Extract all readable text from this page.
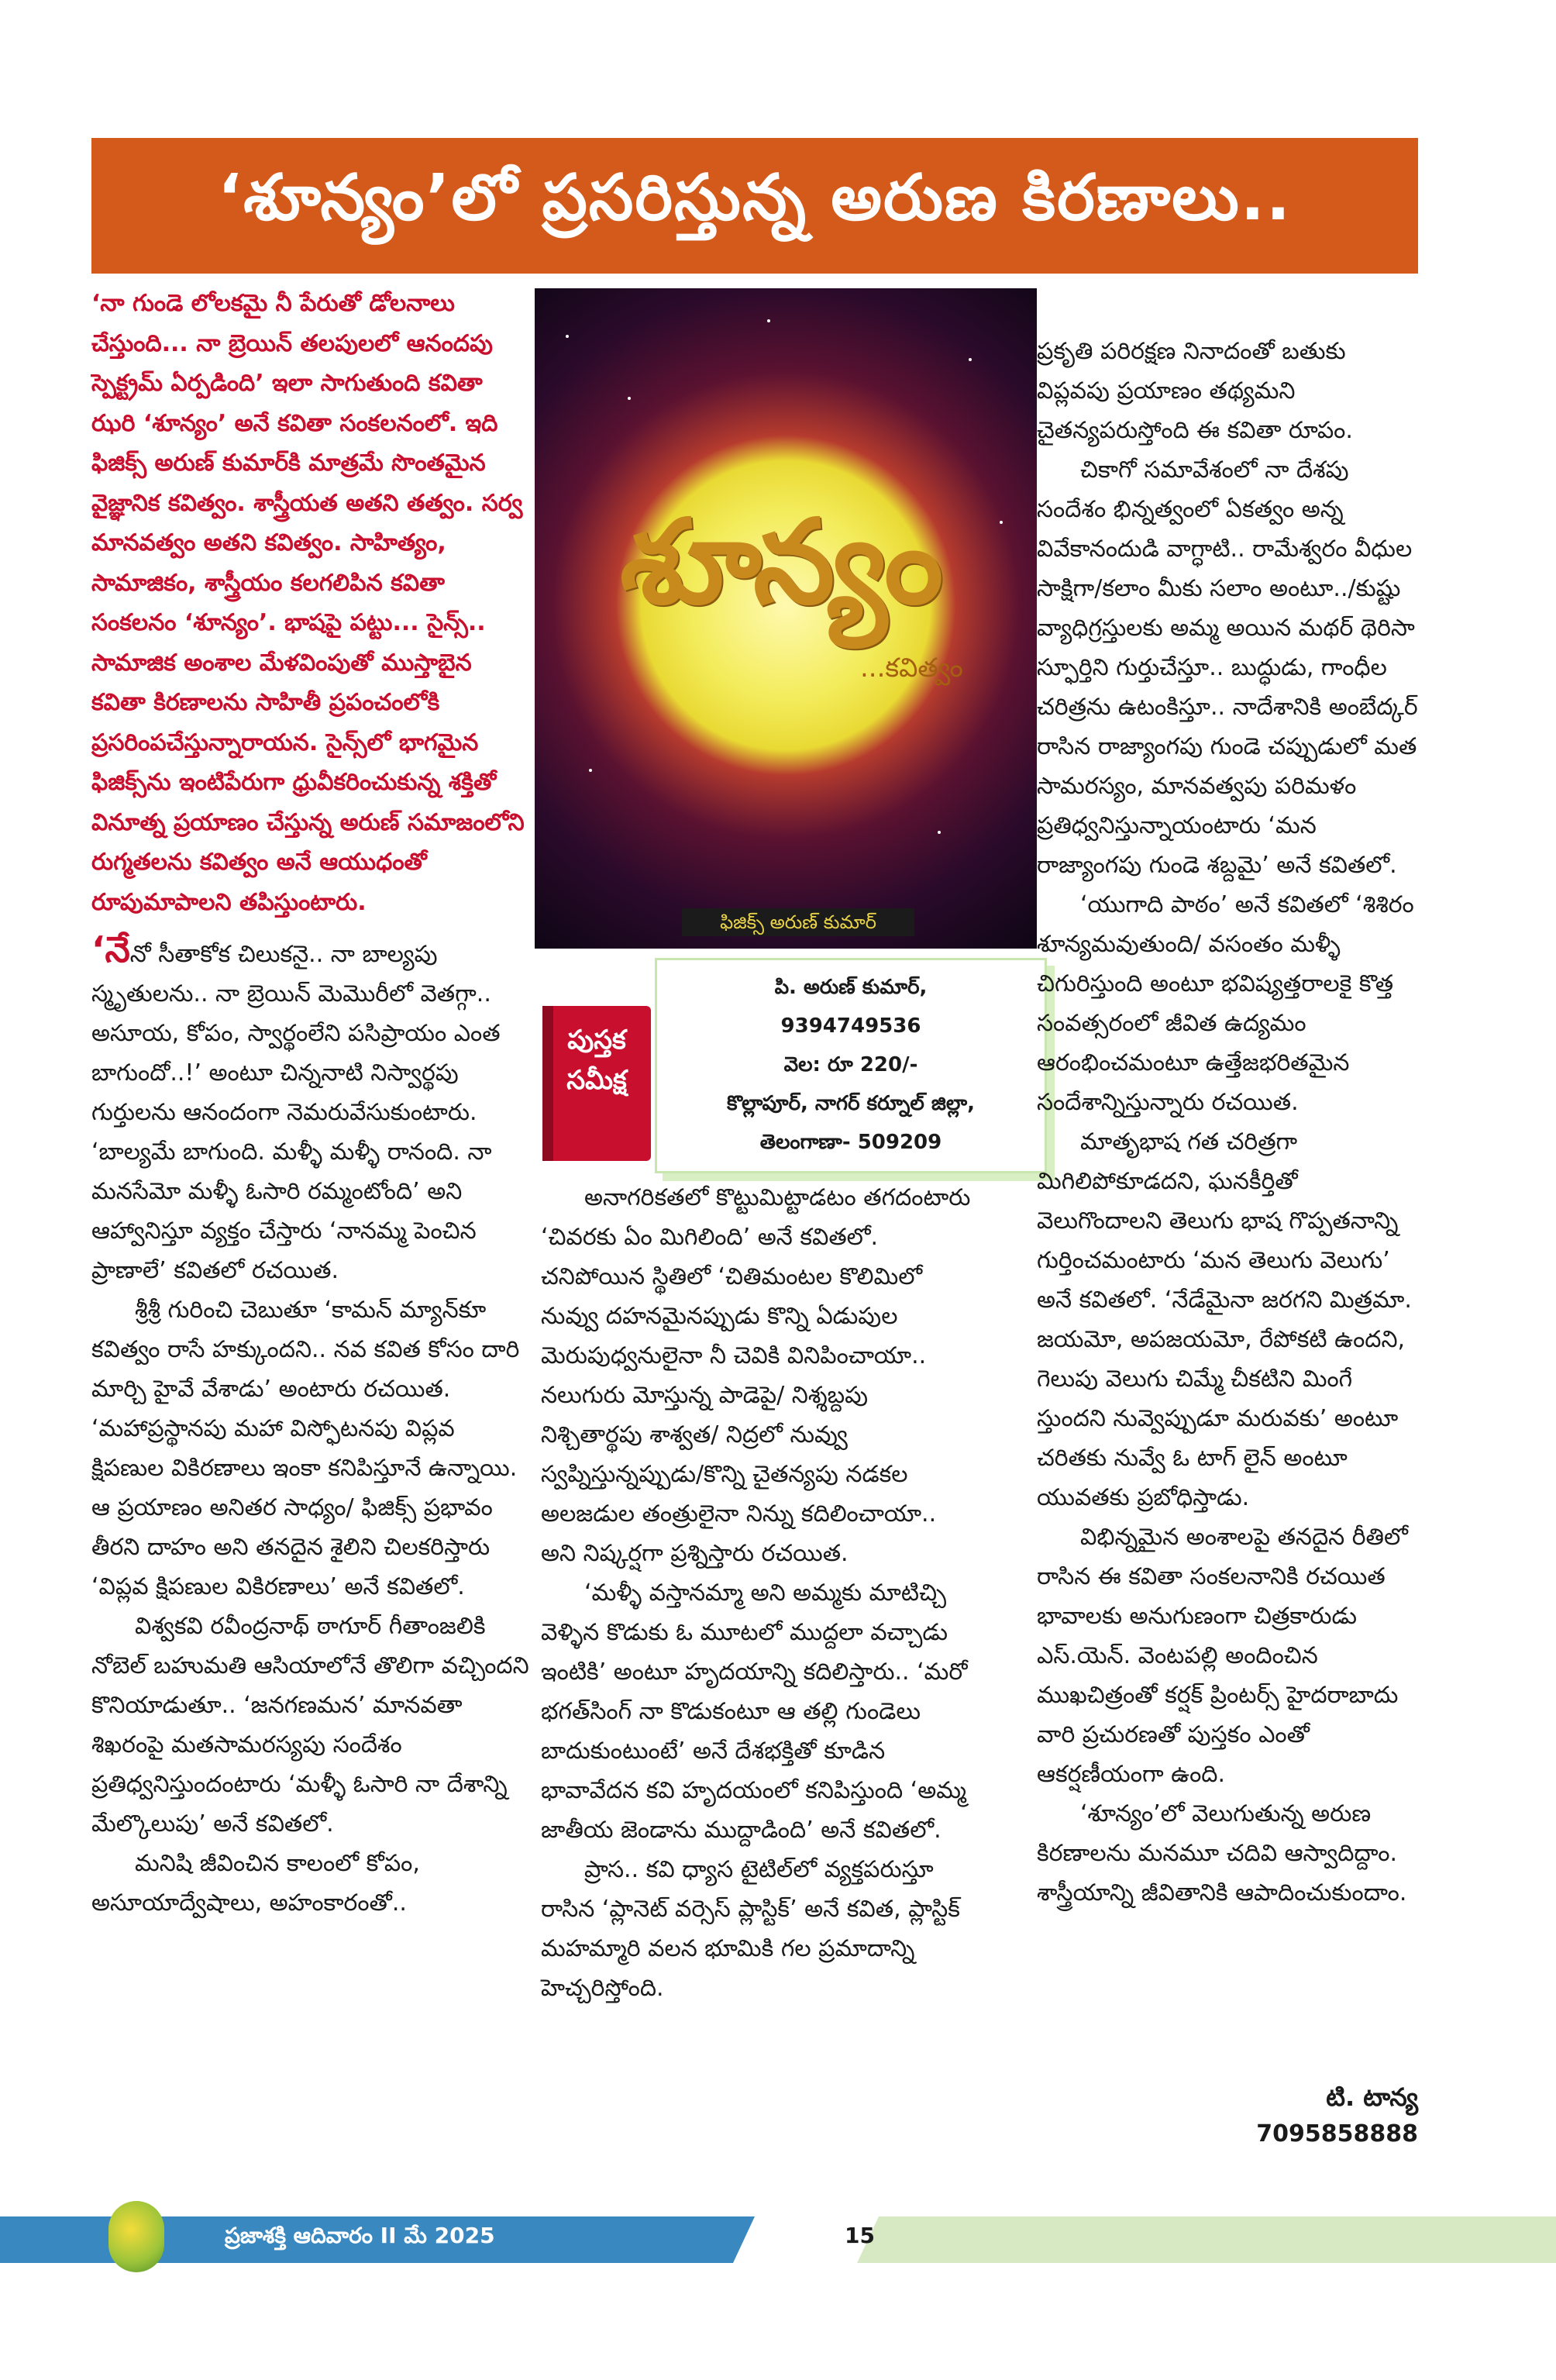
‘శూన్యం’లో ప్రసరిస్తున్న అరుణ కిరణాలు..

‘నా గుండె లోలకమై నీ పేరుతో డోలనాలు చేస్తుంది... నా బ్రెయిన్ తలపులలో ఆనందపు స్పెక్ట్రమ్ ఏర్పడింది’ ఇలా సాగుతుంది కవితా ఝరి ‘శూన్యం’ అనే కవితా సంకలనంలో. ఇది ఫిజిక్స్ అరుణ్ కుమార్‌కి మాత్రమే సొంతమైన వైజ్ఞానిక కవిత్వం. శాస్త్రీయత అతని తత్వం. సర్వ మానవత్వం అతని కవిత్వం. సాహిత్యం, సామాజికం, శాస్త్రీయం కలగలిపిన కవితా సంకలనం ‘శూన్యం’. భాషపై పట్టు... సైన్స్.. సామాజిక అంశాల మేళవింపుతో ముస్తాబైన కవితా కిరణాలను సాహితీ ప్రపంచంలోకి ప్రసరింపచేస్తున్నారాయన. సైన్స్‌లో భాగమైన ఫిజిక్స్‌ను ఇంటిపేరుగా ధ్రువీకరించుకున్న శక్తితో వినూత్న ప్రయాణం చేస్తున్న అరుణ్ సమాజంలోని రుగ్మతలను కవిత్వం అనే ఆయుధంతో రూపుమాపాలని తపిస్తుంటారు.

‘నేనో సీతాకోక చిలుకనై.. నా బాల్యపు స్మృతులను.. నా బ్రెయిన్ మెమొరీలో వెతగ్గా.. అసూయ, కోపం, స్వార్థంలేని పసిప్రాయం ఎంత బాగుందో..!’ అంటూ చిన్ననాటి నిస్వార్థపు గుర్తులను ఆనందంగా నెమరువేసుకుంటారు. ‘బాల్యమే బాగుంది. మళ్ళీ మళ్ళీ రానంది. నా మనసేమో మళ్ళీ ఓసారి రమ్మంటోంది’ అని ఆహ్వానిస్తూ వ్యక్తం చేస్తారు ‘నానమ్మ పెంచిన ప్రాణాలే’ కవితలో రచయిత.

శ్రీశ్రీ గురించి చెబుతూ ‘కామన్ మ్యాన్‌కూ కవిత్వం రాసే హక్కుందని.. నవ కవిత కోసం దారి మార్చి హైవే వేశాడు’ అంటారు రచయిత. ‘మహాప్రస్థానపు మహా విస్ఫోటనపు విప్లవ క్షిపణుల వికిరణాలు ఇంకా కనిపిస్తూనే ఉన్నాయి. ఆ ప్రయాణం అనితర సాధ్యం/ ఫిజిక్స్ ప్రభావం తీరని దాహం అని తనదైన శైలిని చిలకరిస్తారు ‘విప్లవ క్షిపణుల వికిరణాలు’ అనే కవితలో.

విశ్వకవి రవీంద్రనాథ్ ఠాగూర్ గీతాంజలికి నోబెల్ బహుమతి ఆసియాలోనే తొలిగా వచ్చిందని కొనియాడుతూ.. ‘జనగణమన’ మానవతా శిఖరంపై మతసామరస్యపు సందేశం ప్రతిధ్వనిస్తుందంటారు ‘మళ్ళీ ఓసారి నా దేశాన్ని మేల్కొలుపు’ అనే కవితలో.

మనిషి జీవించిన కాలంలో కోపం, అసూయాద్వేషాలు, అహంకారంతో..

శూన్యం
...కవిత్వం
ఫిజిక్స్ అరుణ్ కుమార్
పుస్తక
సమీక్ష
పి. అరుణ్ కుమార్,
9394749536
వెల: రూ 220/-
కొల్లాపూర్, నాగర్ కర్నూల్ జిల్లా,
తెలంగాణా- 509209

అనాగరికతలో కొట్టుమిట్టాడటం తగదంటారు ‘చివరకు ఏం మిగిలింది’ అనే కవితలో. చనిపోయిన స్థితిలో ‘చితిమంటల కొలిమిలో నువ్వు దహనమైనప్పుడు కొన్ని ఏడుపుల మెరుపుధ్వనులైనా నీ చెవికి వినిపించాయా.. నలుగురు మోస్తున్న పాడెపై/ నిశ్శబ్దపు నిశ్చితార్థపు శాశ్వత/ నిద్రలో నువ్వు స్వప్నిస్తున్నప్పుడు/కొన్ని చైతన్యపు నడకల అలజడుల తంత్రులైనా నిన్ను కదిలించాయా.. అని నిష్కర్షగా ప్రశ్నిస్తారు రచయిత.

‘మళ్ళీ వస్తానమ్మా అని అమ్మకు మాటిచ్చి వెళ్ళిన కొడుకు ఓ మూటలో ముద్దలా వచ్చాడు ఇంటికి’ అంటూ హృదయాన్ని కదిలిస్తారు.. ‘మరో భగత్‌సింగ్ నా కొడుకంటూ ఆ తల్లి గుండెలు బాదుకుంటుంటే’ అనే దేశభక్తితో కూడిన భావావేదన కవి హృదయంలో కనిపిస్తుంది ‘అమ్మ జాతీయ జెండాను ముద్దాడింది’ అనే కవితలో.

ప్రాస.. కవి ధ్యాస టైటిల్‌లో వ్యక్తపరుస్తూ రాసిన ‘ప్లానెట్ వర్సెస్ ప్లాస్టిక్’ అనే కవిత, ప్లాస్టిక్ మహమ్మారి వలన భూమికి గల ప్రమాదాన్ని హెచ్చరిస్తోంది.

ప్రకృతి పరిరక్షణ నినాదంతో బతుకు విప్లవపు ప్రయాణం తథ్యమని చైతన్యపరుస్తోంది ఈ కవితా రూపం.

చికాగో సమావేశంలో నా దేశపు సందేశం భిన్నత్వంలో ఏకత్వం అన్న వివేకానందుడి వాగ్ధాటి.. రామేశ్వరం వీధుల సాక్షిగా/కలాం మీకు సలాం అంటూ../కుష్టు వ్యాధిగ్రస్తులకు అమ్మ అయిన మథర్ థెరిసా స్ఫూర్తిని గుర్తుచేస్తూ.. బుద్ధుడు, గాంధీల చరిత్రను ఉటంకిస్తూ.. నాదేశానికి అంబేద్కర్ రాసిన రాజ్యాంగపు గుండె చప్పుడులో మత సామరస్యం, మానవత్వపు పరిమళం ప్రతిధ్వనిస్తున్నాయంటారు ‘మన రాజ్యాంగపు గుండె శబ్దమై’ అనే కవితలో.

‘యుగాది పాఠం’ అనే కవితలో ‘శిశిరం శూన్యమవుతుంది/ వసంతం మళ్ళీ చిగురిస్తుంది అంటూ భవిష్యత్తరాలకై కొత్త సంవత్సరంలో జీవిత ఉద్యమం ఆరంభించమంటూ ఉత్తేజభరితమైన సందేశాన్నిస్తున్నారు రచయిత.

మాతృభాష గత చరిత్రగా మిగిలిపోకూడదని, ఘనకీర్తితో వెలుగొందాలని తెలుగు భాష గొప్పతనాన్ని గుర్తించమంటారు ‘మన తెలుగు వెలుగు’ అనే కవితలో. ‘నేడేమైనా జరగని మిత్రమా. జయమో, అపజయమో, రేపోకటి ఉందని, గెలుపు వెలుగు చిమ్మే చీకటిని మింగే స్తుందని నువ్వెప్పుడూ మరువకు’ అంటూ చరితకు నువ్వే ఓ టాగ్ లైన్ అంటూ యువతకు ప్రబోధిస్తాడు.

విభిన్నమైన అంశాలపై తనదైన రీతిలో రాసిన ఈ కవితా సంకలనానికి రచయిత భావాలకు అనుగుణంగా చిత్రకారుడు ఎస్.యెన్. వెంటపల్లి అందించిన ముఖచిత్రంతో కర్షక్ ప్రింటర్స్ హైదరాబాదు వారి ప్రచురణతో పుస్తకం ఎంతో ఆకర్షణీయంగా ఉంది.

‘శూన్యం’లో వెలుగుతున్న అరుణ కిరణాలను మనమూ చదివి ఆస్వాదిద్దాం. శాస్త్రీయాన్ని జీవితానికి ఆపాదించుకుందాం.

టి. టాన్య
7095858888
ప్రజాశక్తి ఆదివారం II మే 2025	15
